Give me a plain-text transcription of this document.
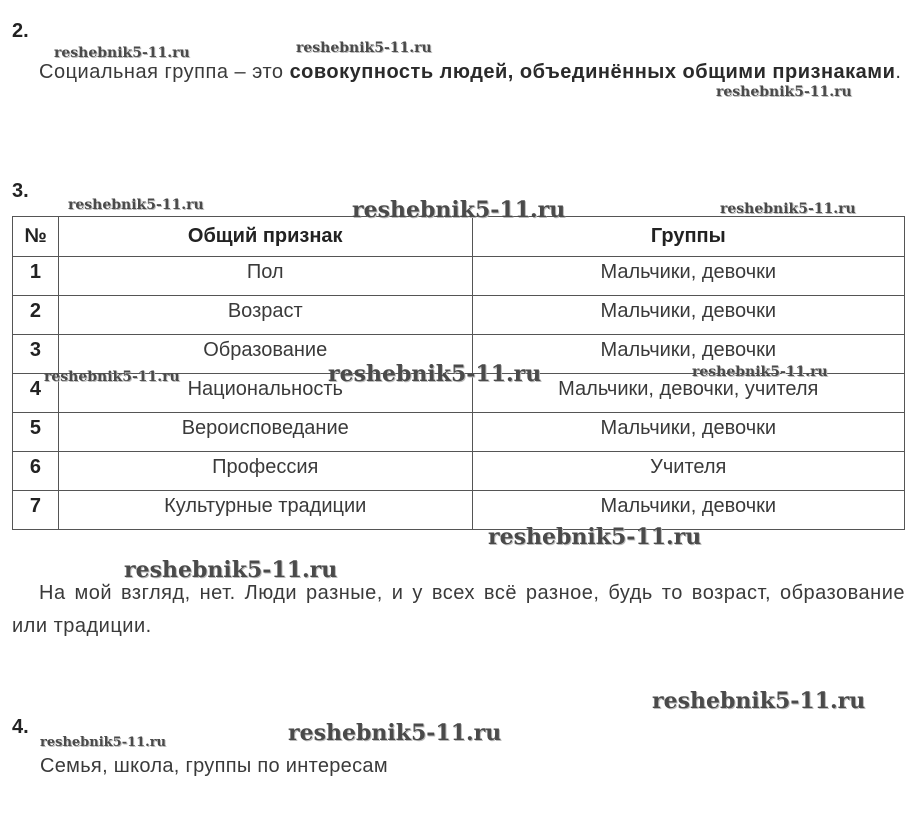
2.
Социальная группа – это совокупность людей, объединённых общими признаками.
3.
№	Общий признак	Группы
1	Пол	Мальчики, девочки
2	Возраст	Мальчики, девочки
3	Образование	Мальчики, девочки
4	Национальность	Мальчики, девочки, учителя
5	Вероисповедание	Мальчики, девочки
6	Профессия	Учителя
7	Культурные традиции	Мальчики, девочки
На мой взгляд, нет. Люди разные, и у всех всё разное, будь то возраст, образование или традиции.
4.
Семья, школа, группы по интересам
reshebnik5-11.ru	reshebnik5-11.ru
reshebnik5-11.ru
reshebnik5-11.ru	reshebnik5-11.ru	reshebnik5-11.ru
reshebnik5-11.ru	reshebnik5-11.ru	reshebnik5-11.ru
reshebnik5-11.ru
reshebnik5-11.ru
reshebnik5-11.ru
reshebnik5-11.ru
reshebnik5-11.ru
